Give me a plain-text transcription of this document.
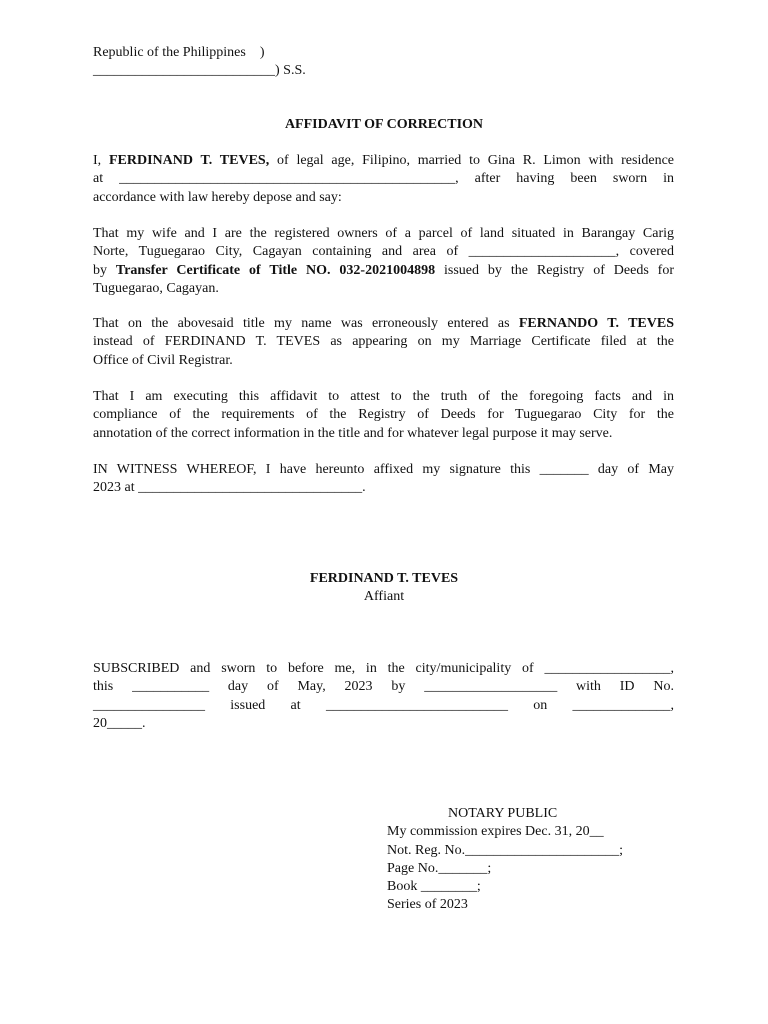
Republic of the Philippines    )
__________________________) S.S.
AFFIDAVIT OF CORRECTION
I, FERDINAND T. TEVES, of legal age, Filipino, married to Gina R. Limon with residence
at ________________________________________________, after having been sworn in
accordance with law hereby depose and say:
That my wife and I are the registered owners of a parcel of land situated in Barangay Carig
Norte, Tuguegarao City, Cagayan containing and area of _____________________, covered
by Transfer Certificate of Title NO. 032-2021004898 issued by the Registry of Deeds for
Tuguegarao, Cagayan.
That on the abovesaid title my name was erroneously entered as FERNANDO T. TEVES
instead of FERDINAND T. TEVES as appearing on my Marriage Certificate filed at the
Office of Civil Registrar.
That I am executing this affidavit to attest to the truth of the foregoing facts and in
compliance of the requirements of the Registry of Deeds for Tuguegarao City for the
annotation of the correct information in the title and for whatever legal purpose it may serve.
IN WITNESS WHEREOF, I have hereunto affixed my signature this _______ day of May
2023 at ________________________________.
FERDINAND T. TEVES
Affiant
SUBSCRIBED and sworn to before me, in the city/municipality of __________________,
this ___________ day of May, 2023 by ___________________ with ID No.
________________ issued at __________________________ on ______________,
20_____.
NOTARY PUBLIC
My commission expires Dec. 31, 20__
Not. Reg. No.______________________;
Page No._______;
Book ________;
Series of 2023
